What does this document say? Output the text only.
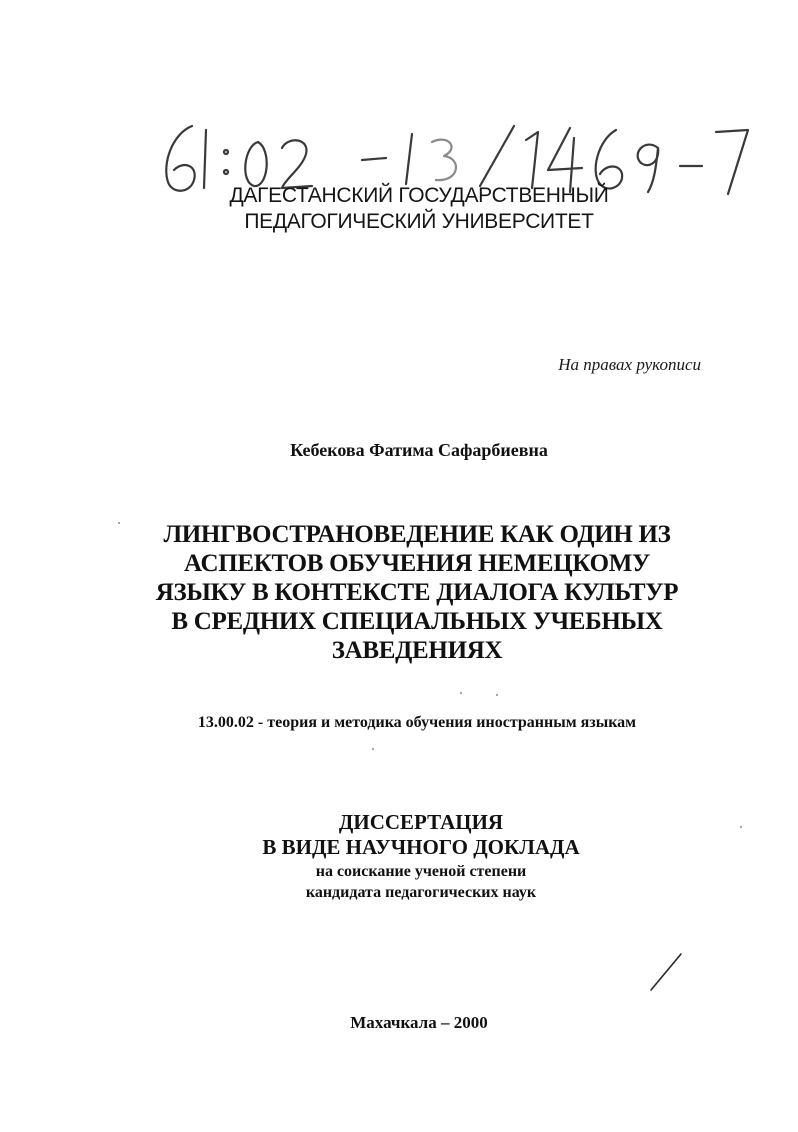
ДАГЕСТАНСКИЙ ГОСУДАРСТВЕННЫЙ
ПЕДАГОГИЧЕСКИЙ УНИВЕРСИТЕТ
На правах рукописи
Кебекова Фатима Сафарбиевна
ЛИНГВОСТРАНОВЕДЕНИЕ КАК ОДИН ИЗ
АСПЕКТОВ ОБУЧЕНИЯ НЕМЕЦКОМУ
ЯЗЫКУ В КОНТЕКСТЕ ДИАЛОГА КУЛЬТУР
В СРЕДНИХ СПЕЦИАЛЬНЫХ УЧЕБНЫХ
ЗАВЕДЕНИЯХ
13.00.02 - теория и методика обучения иностранным языкам
ДИССЕРТАЦИЯ
В ВИДЕ НАУЧНОГО ДОКЛАДА
на соискание ученой степени
кандидата педагогических наук
Махачкала – 2000
